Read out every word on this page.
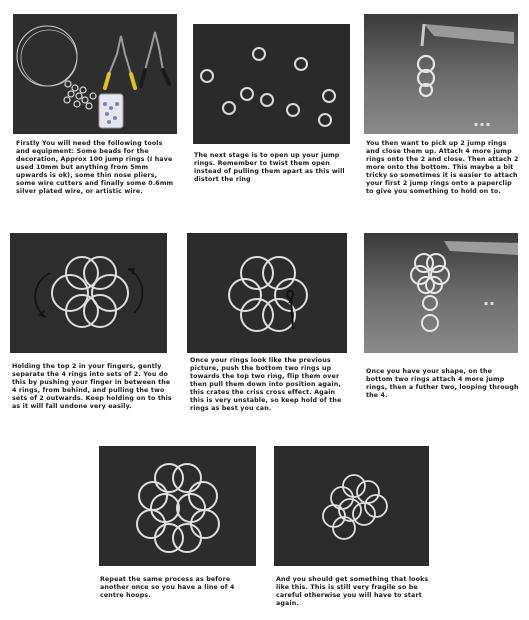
▪ ▪ ▪

Firstly You will need the following tools and equipment: Some beads for the decoration, Approx 100 jump rings (I have used 10mm but anything from 5mm upwards is ok), some thin nose pliers, some wire cutters and finally some 0.6mm silver plated wire, or artistic wire.

The next stage is to open up your jump rings. Remember to twist them open instead of pulling them apart as this will distort the ring

You then want to pick up 2 jump rings and close them up. Attach 4 more jump rings onto the 2 and close. Then attach 2 more onto the bottom. This maybe a bit tricky so sometimes it is easier to attach your first 2 jump rings onto a paperclip to give you something to hold on to.

▪ ▪

Holding the top 2 in your fingers, gently separate the 4 rings into sets of 2. You do this by pushing your finger in between the 4 rings, from behind, and pulling the two sets of 2 outwards. Keep holding on to this as it will fall undone very easily.

Once your rings look like the previous picture, push the bottom two rings up towards the top two ring, flip them over then pull them down into position again, this crates the criss cross effect. Again this is very unstable, so keep hold of the rings as best you can.

Once you have your shape, on the bottom two rings attach 4 more jump rings, then a futher two, looping through the 4.

Repeat the same process as before another once so you have a line of 4 centre hoops.

And you should get something that looks like this. This is still very fragile so be careful otherwise you will have to start again.
